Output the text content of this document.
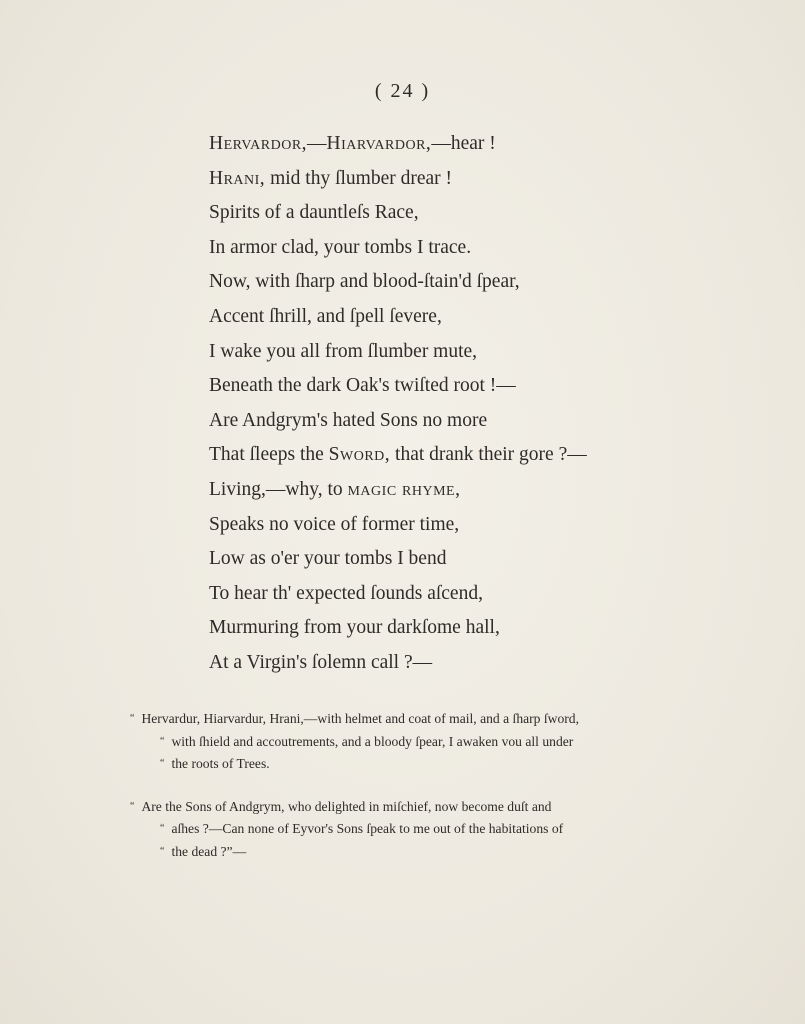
( 24 )
Hervardor,—Hiarvardor,—hear !
Hrani, mid thy ſlumber drear !
Spirits of a dauntleſs Race,
In armor clad, your tombs I trace.
Now, with ſharp and blood-ſtain'd ſpear,
Accent ſhrill, and ſpell ſevere,
I wake you all from ſlumber mute,
Beneath the dark Oak's twiſted root !—
Are Andgrym's hated Sons no more
That ſleeps the Sword, that drank their gore ?—
Living,—why, to magic rhyme,
Speaks no voice of former time,
Low as o'er your tombs I bend
To hear th' expected ſounds aſcend,
Murmuring from your darkſome hall,
At a Virgin's ſolemn call ?—
“ Hervardur, Hiarvardur, Hrani,—with helmet and coat of mail, and a ſharp ſword,
“ with ſhield and accoutrements, and a bloody ſpear, I awaken vou all under
“ the roots of Trees.
“ Are the Sons of Andgrym, who delighted in miſchief, now become duſt and
“ aſhes ?—Can none of Eyvor's Sons ſpeak to me out of the habitations of
“ the dead ?”—
